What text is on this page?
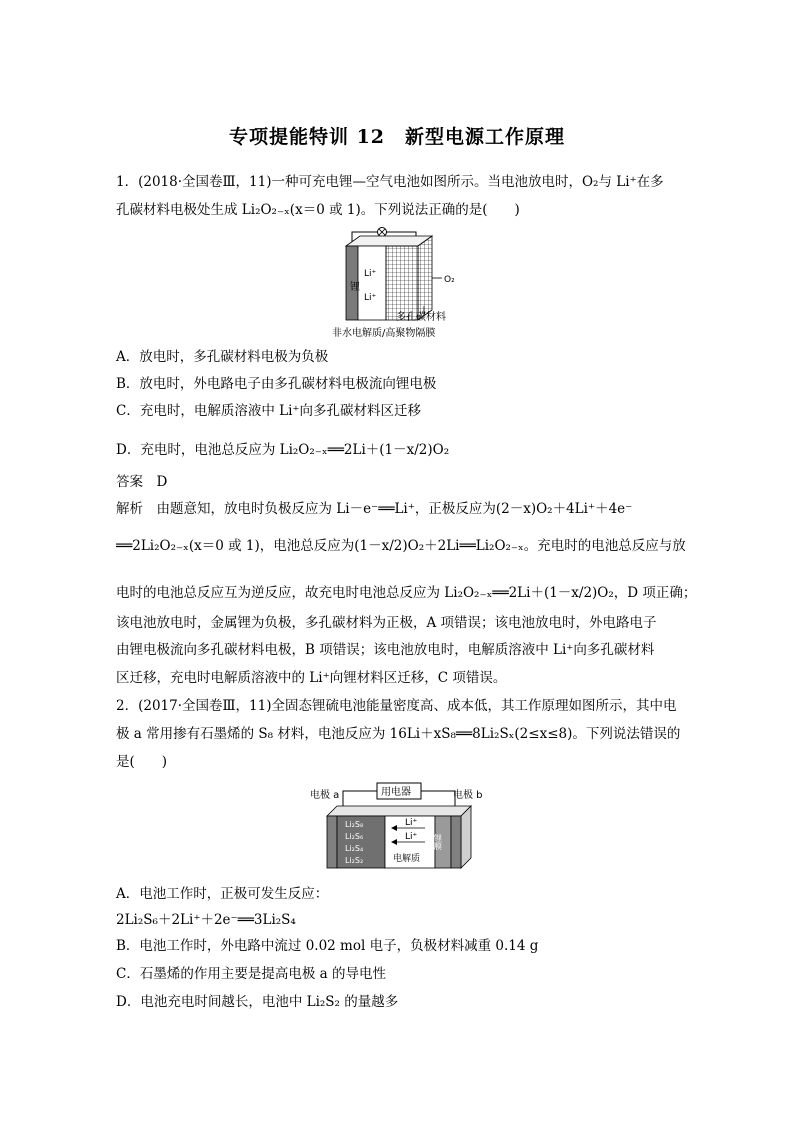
专项提能特训 12　新型电源工作原理
1．(2018·全国卷Ⅲ，11)一种可充电锂—空气电池如图所示。当电池放电时，O₂与 Li⁺在多
孔碳材料电极处生成 Li₂O₂₋ₓ(x＝0 或 1)。下列说法正确的是(　　)
锂
Li⁺
Li⁺
O₂
多孔碳材料
非水电解质/高聚物隔膜
A．放电时，多孔碳材料电极为负极
B．放电时，外电路电子由多孔碳材料电极流向锂电极
C．充电时，电解质溶液中 Li⁺向多孔碳材料区迁移
D．充电时，电池总反应为 Li₂O₂₋ₓ══2Li＋(1－x/2)O₂
答案　D
解析　由题意知，放电时负极反应为 Li－e⁻══Li⁺，正极反应为(2－x)O₂＋4Li⁺＋4e⁻
══2Li₂O₂₋ₓ(x＝0 或 1)，电池总反应为(1－x/2)O₂＋2Li══Li₂O₂₋ₓ。充电时的电池总反应与放
电时的电池总反应互为逆反应，故充电时电池总反应为 Li₂O₂₋ₓ══2Li＋(1－x/2)O₂，D 项正确；
该电池放电时，金属锂为负极，多孔碳材料为正极，A 项错误；该电池放电时，外电路电子
由锂电极流向多孔碳材料电极，B 项错误；该电池放电时，电解质溶液中 Li⁺向多孔碳材料
区迁移，充电时电解质溶液中的 Li⁺向锂材料区迁移，C 项错误。
2．(2017·全国卷Ⅲ，11)全固态锂硫电池能量密度高、成本低，其工作原理如图所示，其中电
极 a 常用掺有石墨烯的 S₈ 材料，电池反应为 16Li＋xS₈══8Li₂Sₓ(2≤x≤8)。下列说法错误的
是(　　)
用电器
电极 a	电极 b
Li₂S₈
Li₂S₆
Li₂S₄
Li₂S₂
Li⁺
Li⁺
电解质
锂膜
A．电池工作时，正极可发生反应：
2Li₂S₆＋2Li⁺＋2e⁻══3Li₂S₄
B．电池工作时，外电路中流过 0.02 mol 电子，负极材料减重 0.14 g
C．石墨烯的作用主要是提高电极 a 的导电性
D．电池充电时间越长，电池中 Li₂S₂ 的量越多
